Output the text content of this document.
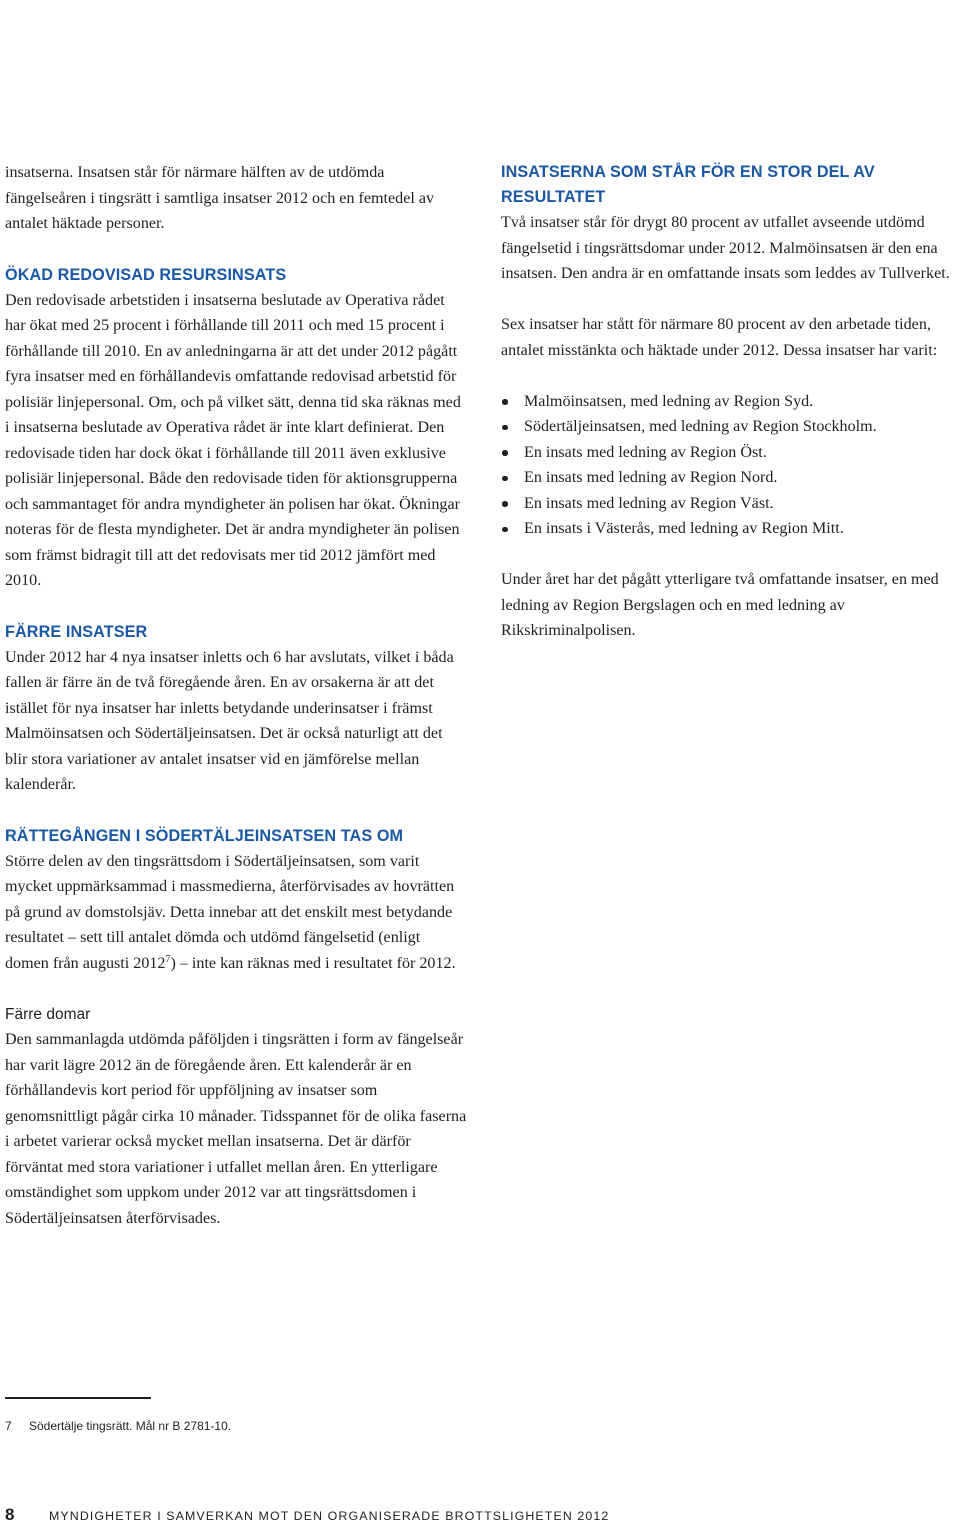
insatserna. Insatsen står för närmare hälften av de utdömda fängelseåren i tingsrätt i samtliga insatser 2012 och en femtedel av antalet häktade personer.

ÖKAD REDOVISAD RESURSINSATS

Den redovisade arbetstiden i insatserna beslutade av Operativa rådet har ökat med 25 procent i förhållande till 2011 och med 15 procent i förhållande till 2010. En av anledningarna är att det under 2012 pågått fyra insatser med en förhållandevis omfattande redovisad arbetstid för polisiär linjepersonal. Om, och på vilket sätt, denna tid ska räknas med i insatserna beslutade av Operativa rådet är inte klart definierat. Den redovisade tiden har dock ökat i förhållande till 2011 även exklusive polisiär linjepersonal. Både den redovisade tiden för aktionsgrupperna och sammantaget för andra myndigheter än polisen har ökat. Ökningar noteras för de flesta myndigheter. Det är andra myndigheter än polisen som främst bidragit till att det redovisats mer tid 2012 jämfört med 2010.

FÄRRE INSATSER

Under 2012 har 4 nya insatser inletts och 6 har avslutats, vilket i båda fallen är färre än de två föregående åren. En av orsakerna är att det istället för nya insatser har inletts betydande underinsatser i främst Malmöinsatsen och Södertäljeinsatsen. Det är också naturligt att det blir stora variationer av antalet insatser vid en jämförelse mellan kalenderår.

RÄTTEGÅNGEN I SÖDERTÄLJEINSATSEN TAS OM

Större delen av den tingsrättsdom i Södertäljeinsatsen, som varit mycket uppmärksammad i massmedierna, återförvisades av hovrätten på grund av domstolsjäv. Detta innebar att det enskilt mest betydande resultatet – sett till antalet dömda och utdömd fängelsetid (enligt domen från augusti 2012$^7$) – inte kan räknas med i resultatet för 2012.

Färre domar

Den sammanlagda utdömda påföljden i tingsrätten i form av fängelseår har varit lägre 2012 än de föregående åren. Ett kalenderår är en förhållandevis kort period för uppföljning av insatser som genomsnittligt pågår cirka 10 månader. Tidsspannet för de olika faserna i arbetet varierar också mycket mellan insatserna. Det är därför förväntat med stora variationer i utfallet mellan åren. En ytterligare omständighet som uppkom under 2012 var att tingsrättsdomen i Södertäljeinsatsen återförvisades.

INSATSERNA SOM STÅR FÖR EN STOR DEL AV RESULTATET

Två insatser står för drygt 80 procent av utfallet avseende utdömd fängelsetid i tingsrättsdomar under 2012. Malmöinsatsen är den ena insatsen. Den andra är en omfattande insats som leddes av Tullverket.

Sex insatser har stått för närmare 80 procent av den arbetade tiden, antalet misstänkta och häktade under 2012. Dessa insatser har varit:

Malmöinsatsen, med ledning av Region Syd.
Södertäljeinsatsen, med ledning av Region Stockholm.
En insats med ledning av Region Öst.
En insats med ledning av Region Nord.
En insats med ledning av Region Väst.
En insats i Västerås, med ledning av Region Mitt.

Under året har det pågått ytterligare två omfattande insatser, en med ledning av Region Bergslagen och en med ledning av Rikskriminalpolisen.

7 Södertälje tingsrätt. Mål nr B 2781-10.
8	MYNDIGHETER I SAMVERKAN MOT DEN ORGANISERADE BROTTSLIGHETEN 2012
